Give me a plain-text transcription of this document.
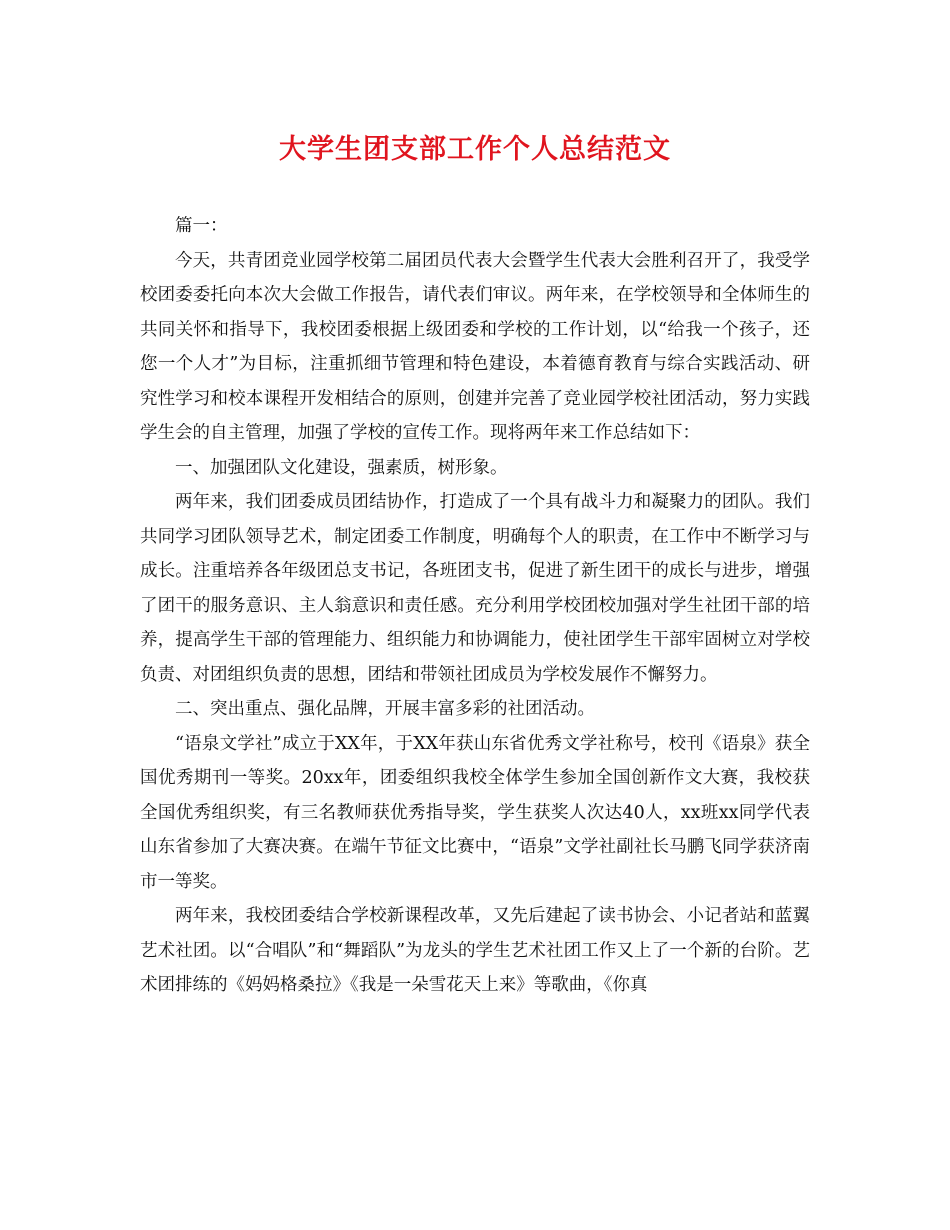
大学生团支部工作个人总结范文

篇一：

今天，共青团竞业园学校第二届团员代表大会暨学生代表大会胜利召开了，我受学校团委委托向本次大会做工作报告，请代表们审议。两年来，在学校领导和全体师生的共同关怀和指导下，我校团委根据上级团委和学校的工作计划，以“给我一个孩子，还您一个人才”为目标，注重抓细节管理和特色建设，本着德育教育与综合实践活动、研究性学习和校本课程开发相结合的原则，创建并完善了竞业园学校社团活动，努力实践学生会的自主管理，加强了学校的宣传工作。现将两年来工作总结如下：

一、加强团队文化建设，强素质，树形象。

两年来，我们团委成员团结协作，打造成了一个具有战斗力和凝聚力的团队。我们共同学习团队领导艺术，制定团委工作制度，明确每个人的职责，在工作中不断学习与成长。注重培养各年级团总支书记，各班团支书，促进了新生团干的成长与进步，增强了团干的服务意识、主人翁意识和责任感。充分利用学校团校加强对学生社团干部的培养，提高学生干部的管理能力、组织能力和协调能力，使社团学生干部牢固树立对学校负责、对团组织负责的思想，团结和带领社团成员为学校发展作不懈努力。

二、突出重点、强化品牌，开展丰富多彩的社团活动。

“语泉文学社”成立于XX年，于XX年获山东省优秀文学社称号，校刊《语泉》获全国优秀期刊一等奖。20xx年，团委组织我校全体学生参加全国创新作文大赛，我校获全国优秀组织奖，有三名教师获优秀指导奖，学生获奖人次达40人，xx班xx同学代表山东省参加了大赛决赛。在端午节征文比赛中，“语泉”文学社副社长马鹏飞同学获济南市一等奖。

两年来，我校团委结合学校新课程改革，又先后建起了读书协会、小记者站和蓝翼艺术社团。以“合唱队”和“舞蹈队”为龙头的学生艺术社团工作又上了一个新的台阶。艺术团排练的《妈妈格桑拉》《我是一朵雪花天上来》等歌曲，《你真
